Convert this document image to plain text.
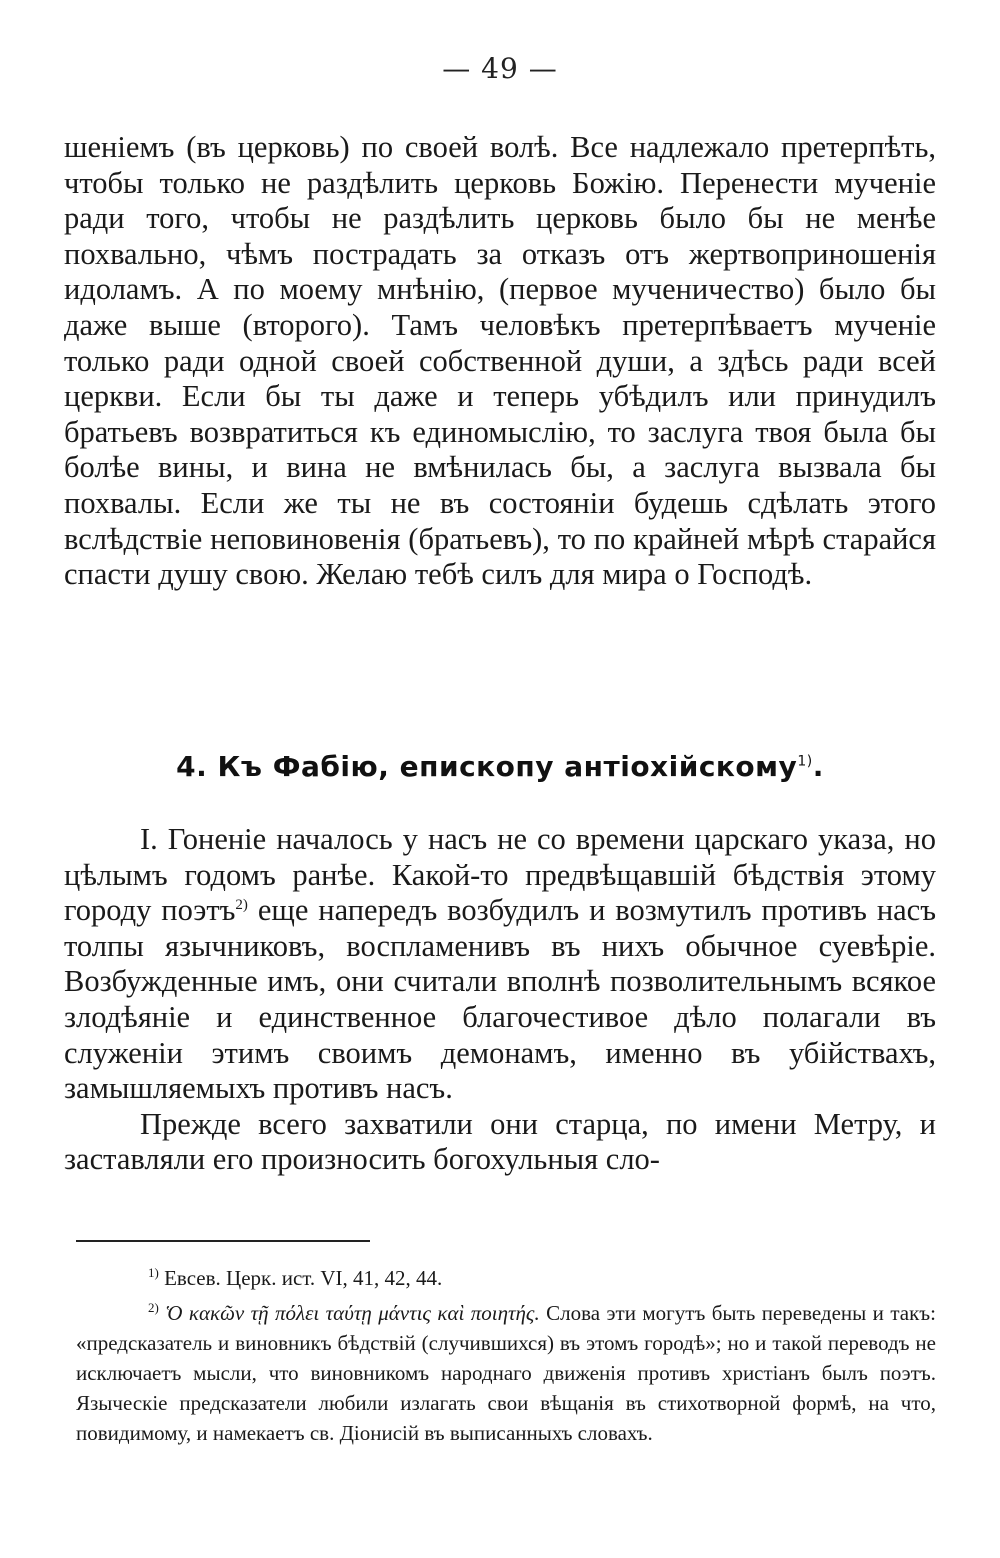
— 49 —

шеніемъ (въ церковь) по своей волѣ. Все надлежало претерпѣть, чтобы только не раздѣлить церковь Божію. Перенести мученіе ради того, чтобы не раздѣлить церковь было бы не менѣе похвально, чѣмъ пострадать за отказъ отъ жертвоприношенія идоламъ. А по моему мнѣнію, (первое мученичество) было бы даже выше (второго). Тамъ человѣкъ претерпѣваетъ мученіе только ради одной своей собственной души, а здѣсь ради всей церкви. Если бы ты даже и теперь убѣдилъ или принудилъ братьевъ возвратиться къ единомыслію, то заслуга твоя была бы болѣе вины, и вина не вмѣнилась бы, а заслуга вызвала бы похвалы. Если же ты не въ состояніи будешь сдѣлать этого вслѣдствіе неповиновенія (братьевъ), то по крайней мѣрѣ старайся спасти душу свою. Желаю тебѣ силъ для мира о Господѣ.

4. Къ Фабію, епископу антіохійскому$^{1)}$.

I. Гоненіе началось у насъ не со времени царскаго указа, но цѣлымъ годомъ ранѣе. Какой-то предвѣщавшій бѣдствія этому городу поэтъ$^{2)}$ еще напередъ возбудилъ и возмутилъ противъ насъ толпы язычниковъ, воспламенивъ въ нихъ обычное суевѣріе. Возбужденные имъ, они считали вполнѣ позволительнымъ всякое злодѣяніе и единственное благочестивое дѣло полагали въ служеніи этимъ своимъ демонамъ, именно въ убійствахъ, замышляемыхъ противъ насъ.

Прежде всего захватили они старца, по имени Метру, и заставляли его произносить богохульныя сло-

$^{1)}$ Евсев. Церк. ист. VI, 41, 42, 44.

$^{2)}$ Ὁ κακῶν τῇ πόλει ταύτῃ μάντις καὶ ποιητής. Слова эти могутъ быть переведены и такъ: «предсказатель и виновникъ бѣдствій (случившихся) въ этомъ городѣ»; но и такой переводъ не исключаетъ мысли, что виновникомъ народнаго движенія противъ христіанъ былъ поэтъ. Языческіе предсказатели любили излагать свои вѣщанія въ стихотворной формѣ, на что, повидимому, и намекаетъ св. Діонисій въ выписанныхъ словахъ.
